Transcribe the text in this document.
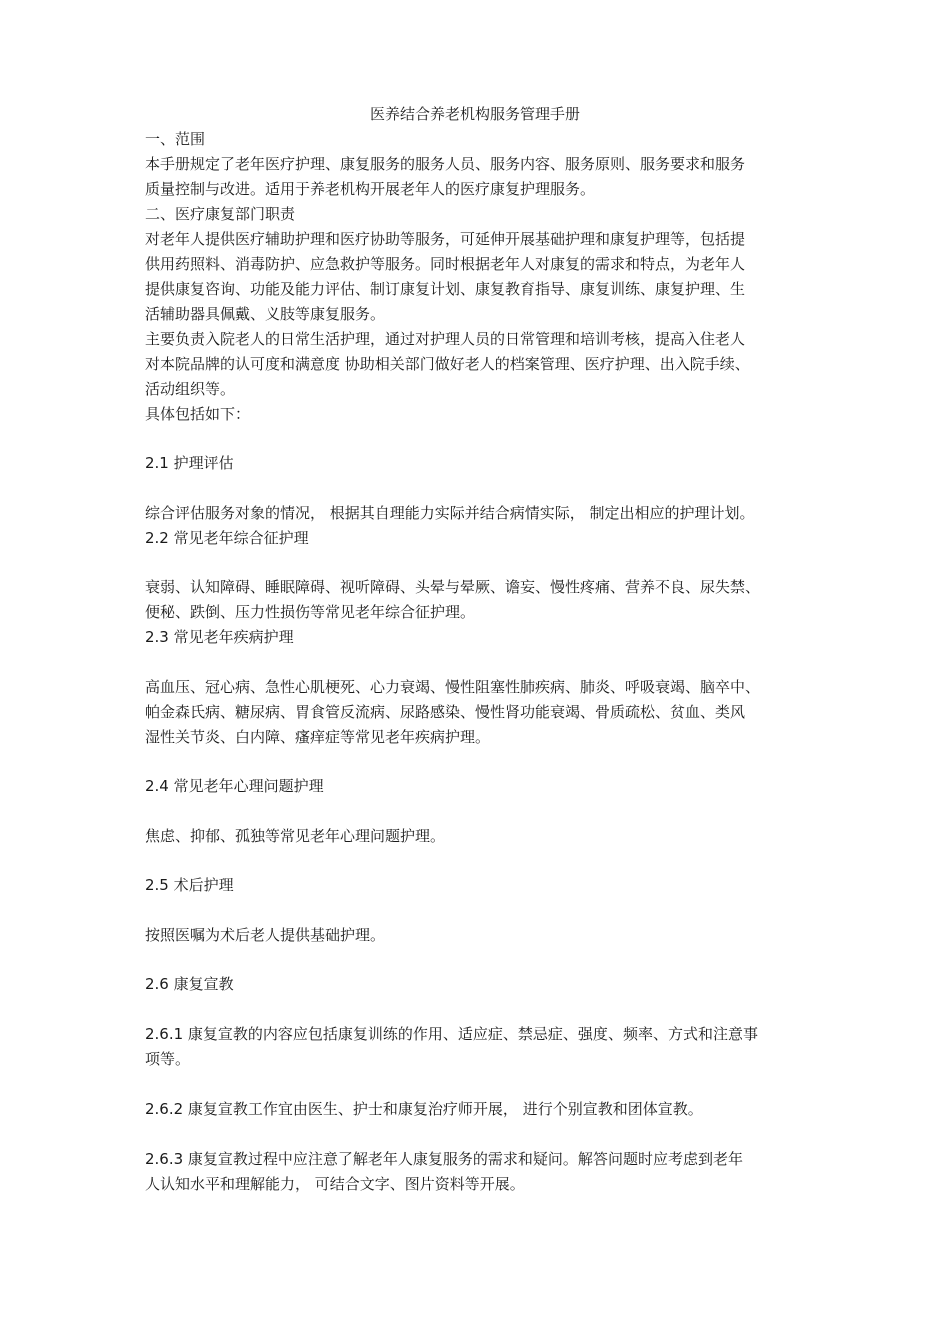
医养结合养老机构服务管理手册
一、范围
本手册规定了老年医疗护理、康复服务的服务人员、服务内容、服务原则、服务要求和服务
质量控制与改进。适用于养老机构开展老年人的医疗康复护理服务。
二、医疗康复部门职责
对老年人提供医疗辅助护理和医疗协助等服务，可延伸开展基础护理和康复护理等，包括提
供用药照料、消毒防护、应急救护等服务。同时根据老年人对康复的需求和特点，为老年人
提供康复咨询、功能及能力评估、制订康复计划、康复教育指导、康复训练、康复护理、生
活辅助器具佩戴、义肢等康复服务。
主要负责入院老人的日常生活护理，通过对护理人员的日常管理和培训考核，提高入住老人
对本院品牌的认可度和满意度 协助相关部门做好老人的档案管理、医疗护理、出入院手续、
活动组织等。
具体包括如下：
2.1 护理评估
综合评估服务对象的情况， 根据其自理能力实际并结合病情实际， 制定出相应的护理计划。
2.2 常见老年综合征护理
衰弱、认知障碍、睡眠障碍、视听障碍、头晕与晕厥、谵妄、慢性疼痛、营养不良、尿失禁、
便秘、跌倒、压力性损伤等常见老年综合征护理。
2.3 常见老年疾病护理
高血压、冠心病、急性心肌梗死、心力衰竭、慢性阻塞性肺疾病、肺炎、呼吸衰竭、脑卒中、
帕金森氏病、糖尿病、胃食管反流病、尿路感染、慢性肾功能衰竭、骨质疏松、贫血、类风
湿性关节炎、白内障、瘙痒症等常见老年疾病护理。
2.4 常见老年心理问题护理
焦虑、抑郁、孤独等常见老年心理问题护理。
2.5 术后护理
按照医嘱为术后老人提供基础护理。
2.6 康复宣教
2.6.1 康复宣教的内容应包括康复训练的作用、适应症、禁忌症、强度、频率、方式和注意事
项等。
2.6.2 康复宣教工作宜由医生、护士和康复治疗师开展， 进行个别宣教和团体宣教。
2.6.3 康复宣教过程中应注意了解老年人康复服务的需求和疑问。解答问题时应考虑到老年
人认知水平和理解能力， 可结合文字、图片资料等开展。
